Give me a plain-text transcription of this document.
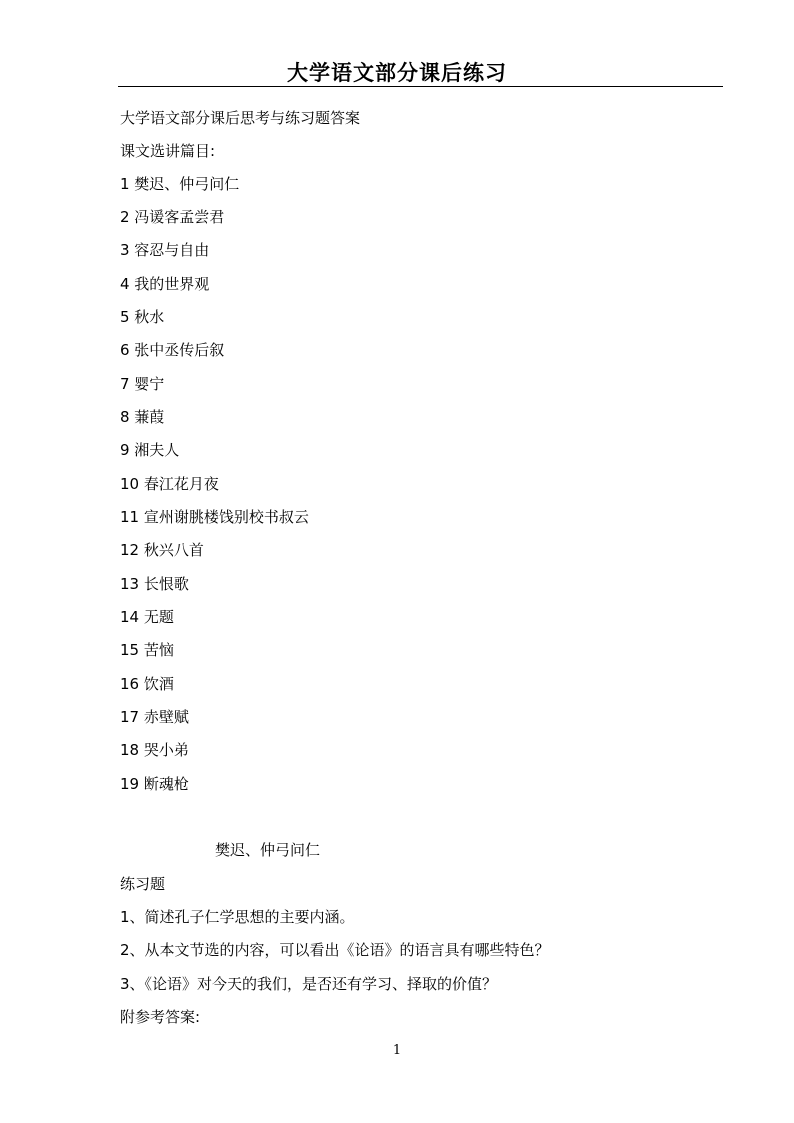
大学语文部分课后练习
大学语文部分课后思考与练习题答案
课文选讲篇目:
1 樊迟、仲弓问仁
2 冯谖客孟尝君
3 容忍与自由
4 我的世界观
5 秋水
6 张中丞传后叙
7 婴宁
8 蒹葭
9 湘夫人
10 春江花月夜
11 宣州谢朓楼饯别校书叔云
12 秋兴八首
13 长恨歌
14 无题
15 苦恼
16 饮酒
17 赤壁赋
18 哭小弟
19 断魂枪
樊迟、仲弓问仁
练习题
1、简述孔子仁学思想的主要内涵。
2、从本文节选的内容，可以看出《论语》的语言具有哪些特色？
3、《论语》对今天的我们，是否还有学习、择取的价值？
附参考答案:
1
